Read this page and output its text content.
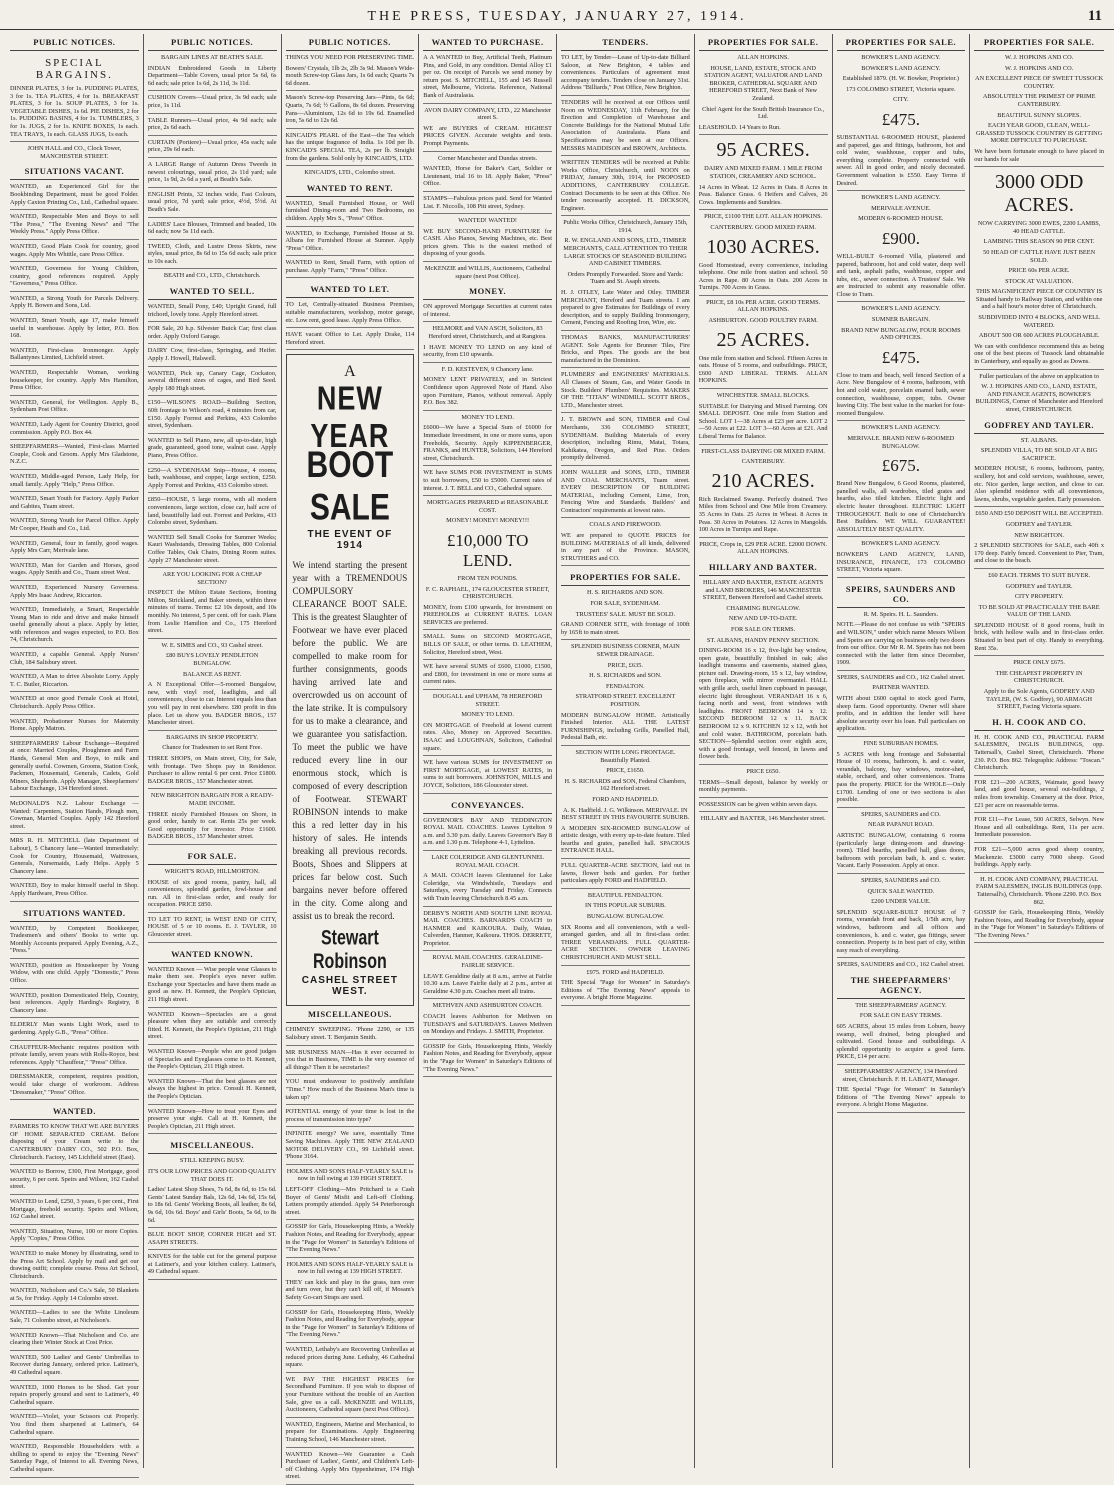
THE PRESS, TUESDAY, JANUARY 27, 1914.	11
PUBLIC NOTICES.
SPECIAL BARGAINS.
DINNER PLATES, 3 for 1s. PUDDING PLATES, 3 for 1s. TEA PLATES, 4 for 1s. BREAKFAST PLATES, 3 for 1s. SOUP PLATES, 3 for 1s. VEGETABLE DISHES, 1s 6d. PIE DISHES, 2 for 1s. PUDDING BASINS, 4 for 1s. TUMBLERS, 3 for 1s. JUGS, 2 for 1s. KNIFE BOXES, 1s each. TEA TRAYS, 1s each. GLASS JUGS, 1s each.
JOHN HALL and CO., Clock Tower, MANCHESTER STREET.
SITUATIONS VACANT.
WANTED, an Experienced Girl for the Bookbinding Department, must be good Folder. Apply Caxton Printing Co., Ltd., Cathedral square.
WANTED, Respectable Men and Boys to sell "The Press," "The Evening News" and "The Weekly Press." Apply Press Office.
WANTED, Good Plain Cook for country, good wages. Apply Mrs Whittle, care Press Office.
WANTED, Governess for Young Children, country, good references required. Apply "Governess," Press Office.
WANTED, a Strong Youth for Parcels Delivery. Apply H. Bowen and Sons, Ltd.
WANTED, Smart Youth, age 17, make himself useful in warehouse. Apply by letter, P.O. Box 168.
WANTED, First-class Ironmonger. Apply Ballantynes Limited, Lichfield street.
WANTED, Respectable Woman, working housekeeper, for country. Apply Mrs Hamilton, Press Office.
WANTED, General, for Wellington. Apply B., Sydenham Post Office.
WANTED, Lady Agent for Country District, good commission. Apply P.O. Box 44.
SHEEPFARMERS—Wanted, First-class Married Couple, Cook and Groom. Apply Mrs Gladstone, N.Z.C.
WANTED, Middle-aged Person, Lady Help, for small family. Apply "Help," Press Office.
WANTED, Smart Youth for Factory. Apply Parker and Gabites, Tuam street.
WANTED, Strong Youth for Parcel Office. Apply Mr Cooper, Heath and Co., Ltd.
WANTED, General, four in family, good wages. Apply Mrs Carr, Merivale lane.
WANTED, Man for Garden and Horses, good wages. Apply Smith and Co., Tuam street West.
WANTED, Experienced Nursery Governess. Apply Mrs Isaac Andrew, Riccarton.
WANTED, Immediately, a Smart, Respectable Young Man to ride and drive and make himself useful generally about a place. Apply by letter, with references and wages expected, to P.O. Box 74, Christchurch.
WANTED, a capable General. Apply Nurses' Club, 184 Salisbury street.
WANTED, A Man to drive Absolute Lorry. Apply T. C. Butler, Riccarton.
WANTED at once good Female Cook at Hotel, Christchurch. Apply Press Office.
WANTED, Probationer Nurses for Maternity Home. Apply Matron.
SHEEPFARMERS' Labour Exchange—Required at once: Married Couples, Ploughmen and Farm Hands, General Men and Boys, to milk and generally useful. Cowmen, Grooms, Station Cook, Packmen, Housemaid, Generals, Cadets, Gold Miners, Shepherds. Apply Manager, Sheepfarmers' Labour Exchange, 134 Hereford street.
McDONALD'S N.Z. Labour Exchange — Wanted: Carpenters, Station Hands, Plough men, Cowman, Married Couples. Apply 142 Hereford street.
MRS R. H. MITCHELL (late Department of Labour), 5 Chancery lane—Wanted immediately: Cook for Country, Housemaid, Waitresses, Generals, Nursemaids, Lady Helps. Apply 5 Chancery lane.
WANTED, Boy to make himself useful in Shop. Apply Hardware, Press Office.
SITUATIONS WANTED.
WANTED, by Competent Bookkeeper, Tradesmen's and others' Books to write up. Monthly Accounts prepared. Apply Evening, A.Z., "Press."
WANTED, position as Housekeeper by Young Widow, with one child. Apply "Domestic," Press Office.
WANTED, position Domesticated Help, Country, best references. Apply Harding's Registry, 8 Chancery lane.
ELDERLY Man wants Light Work, used to gardening. Apply G.B., "Press" Office.
CHAUFFEUR-Mechanic requires position with private family, seven years with Rolls-Royce, best references. Apply "Chauffeur," "Press" Office.
DRESSMAKER, competent, requires position, would take charge of workroom. Address "Dressmaker," "Press" Office.
WANTED.
FARMERS TO KNOW THAT WE ARE BUYERS OF HOME SEPARATED CREAM. Before disposing of your Cream write to the CANTERBURY DAIRY CO., 502 P.O. Box, Christchurch. Factory, 145 Lichfield street (East).
WANTED to Borrow, £300, First Mortgage, good security, 6 per cent. Speirs and Wilson, 162 Cashel street.
WANTED to Lend, £250, 3 years, 6 per cent., First Mortgage, freehold security. Speirs and Wilson, 162 Cashel street.
WANTED, Situation, Nurse, 100 or more Copies. Apply "Copies," Press Office.
WANTED to make Money by illustrating, send to the Press Art School. Apply by mail and get our drawing outfit; complete course. Press Art School, Christchurch.
WANTED, Nicholson and Co.'s Sale, 50 Blankets at 5s, for Friday. Apply 14 Colombo street.
WANTED—Ladies to see the White Linoleum Sale, 71 Colombo street, at Nicholson's.
WANTED Known—That Nicholson and Co. are clearing their Winter Stock at Cost Price.
WANTED, 500 Ladies' and Gents' Umbrellas to Recover during January, ordered price. Latimer's, 49 Cathedral square.
WANTED, 1000 Horses to be Shod. Get your repairs properly ground and sent to Latimer's, 49 Cathedral square.
WANTED—Violet, your Scissors cut Properly. You find them sharpened at Latimer's, 64 Cathedral square.
WANTED, Responsible Householders with a shilling to spend to enjoy the "Evening News" Saturday Page, of Interest to all. Evening News, Cathedral square.
PUBLIC NOTICES.
BARGAIN LINES AT BEATH'S SALE.
INDIAN Embroidered Goods in Liberty Department—Table Covers, usual price 5s 6d, 6s 6d each; sale price 1s 6d, 2s 11d, 3s 11d.
CUSHION Covers—Usual price, 3s 9d each; sale price, 1s 11d.
TABLE Runners—Usual price, 4s 9d each; sale price, 2s 6d each.
CURTAIN (Portiere)—Usual price, 45s each; sale price, 29s 6d each.
A LARGE Range of Autumn Dress Tweeds in newest colourings, usual price, 2s 11d yard; sale price, 1s 9d, 2s 6d a yard, at Beath's Sale.
ENGLISH Prints, 32 inches wide, Fast Colours, usual price, 7d yard; sale price, 4½d, 5½d. At Beath's Sale.
LADIES' Lace Blouses, Trimmed and beaded, 10s 6d each; now 5s 11d each.
TWEED, Cloth, and Lustre Dress Skirts, new styles, usual price, 8s 6d to 15s 6d each; sale price to 10s each.
BEATH and CO., LTD., Christchurch.
WANTED TO SELL.
WANTED, Small Pony, £40; Upright Grand, full trichord, lovely tone. Apply Hereford street.
FOR Sale, 20 h.p. Silvester Buick Car; first class order. Apply Oxford Garage.
DAIRY Cow, first-class, Springing, and Heifer. Apply J. Howell, Halswell.
WANTED, Pick up, Canary Cage, Cockatoo, several different sizes of cages, and Bird Seed. Apply 180 High street.
£150—WILSON'S ROAD—Building Section, 60ft frontage to Wilson's road, 4 minutes from car, £150. Apply Forrest and Perkins, 433 Colombo street, Sydenham.
WANTED to Sell Piano, new, all up-to-date, high grade, guaranteed, good tone, walnut case. Apply Piano, Press Office.
£250—A SYDENHAM Snip—House, 4 rooms, bath, washhouse, and copper, large section, £250. Apply Forrest and Perkins, 433 Colombo street.
£850—HOUSE, 5 large rooms, with all modern conveniences, large section, close car, half acre of land, beautifully laid out. Forrest and Perkins, 433 Colombo street, Sydenham.
WANTED Sell Small Cooks for Summer Weeks; Kauri Washstands, Dressing Tables, 800 Colonial Coffee Tables, Oak Chairs, Dining Room suites. Apply 27 Manchester street.
ARE YOU LOOKING FOR A CHEAP SECTION?
INSPECT the Milton Estate Sections, fronting Milton, Strickland, and Baker streets, within three minutes of trams. Terms: £2 10s deposit, and 10s monthly. No interest, 5 per cent. off for cash. Plans from Leslie Hamilton and Co., 175 Hereford street.
W. E. SIMES and CO., 93 Cashel street.
£80 BUYS LOVELY PENDLETON BUNGALOW.
BALANCE AS RENT.
A N Exceptional Offer—5-roomed Bungalow, new, with vinyl roof, leadlights, and all conveniences, close to car. Interest equals less than you will pay in rent elsewhere. £80 profit in this place. Let us show you. BADGER BROS., 157 Manchester street.
BARGAINS IN SHOP PROPERTY.
Chance for Tradesmen to set Rent Free.
THREE SHOPS, on Main street, City, for Sale, with frontage. Two Shops pay in Residence. Purchaser to allow rental 6 per cent. Price £1800. BADGER BROS., 157 Manchester street.
NEW BRIGHTON BARGAIN FOR A READY-MADE INCOME.
THREE nicely Furnished Houses on Shore, in good order, handy to car. Rents 25s per week. Good opportunity for investor. Price £1600. BADGER BROS., 157 Manchester street.
FOR SALE.
WRIGHT'S ROAD, HILLMORTON.
HOUSE of six good rooms, pantry, hall, all conveniences, splendid garden, fowl-house and run. All in first-class order, and ready for occupation. PRICE £850.
TO LET TO RENT, in WEST END OF CITY, HOUSE of 5 or 10 rooms. E. J. TAYLER, 10 Gloucester street.
WANTED KNOWN.
WANTED Known — Wise people wear Glasses to make them see. People's eyes never suffer. Exchange your Spectacles and have them made as good as new. H. Kennett, the People's Optician, 211 High street.
WANTED Known—Spectacles are a great pleasure when they are suitable and correctly fitted. H. Kennett, the People's Optician, 211 High street.
WANTED Known—People who are good judges of Spectacles and Eyeglasses come to H. Kennett, the People's Optician, 211 High street.
WANTED Known—That the best glasses are not always the highest in price. Consult H. Kennett, the People's Optician.
WANTED Known—How to treat your Eyes and preserve your sight. Call at H. Kennett, the People's Optician, 211 High street.
MISCELLANEOUS.
STILL KEEPING BUSY.
IT'S OUR LOW PRICES AND GOOD QUALITY THAT DOES IT.
Ladies' Latest Shop Shoes, 7s 6d, 8s 6d, to 15s 6d. Gents' Latest Sunday Bals, 12s 6d, 14s 6d, 15s 6d, to 18s 6d. Gents' Working Boots, all leather, 8s 6d, 9s 6d, 10s 6d. Boys' and Girls' Boots, 5s 6d, to 8s 6d.
BLUE BOOT SHOP, CORNER HIGH and ST. ASAPH STREETS.
KNIVES for the table cut for the general purpose at Latimer's, and your kitchen cutlery. Latimer's, 49 Cathedral square.
PUBLIC NOTICES.
THINGS YOU NEED FOR PRESERVING TIME.
Bowers' Crystals, 1lb 2s, 2lb 3s 9d. Mason's Wide-mouth Screw-top Glass Jars, 1s 6d each; Quarts 7s 6d dozen.
Mason's Screw-top Preserving Jars—Pints, 6s 6d; Quarts, 7s 6d; ½ Gallons, 8s 6d dozen. Preserving Pans—Aluminium, 12s 6d to 19s 6d. Enamelled iron, 5s 6d to 12s 6d.
KINCAID'S PEARL of the East—the Tea which has the unique fragrance of India. 1s 10d per lb. KINCAID'S SPECIAL TEA, 2s per lb. Straight from the gardens. Sold only by KINCAID'S, LTD.
KINCAID'S, LTD., Colombo street.
WANTED TO RENT.
WANTED, Small Furnished House, or Well furnished Dining-room and Two Bedrooms, no children. Apply Mrs S., "Press" Office.
WANTED, to Exchange, Furnished House at St. Albans for Furnished House at Sumner. Apply "Press" Office.
WANTED to Rent, Small Farm, with option of purchase. Apply "Farm," "Press" Office.
WANTED TO LET.
TO Let, Centrally-situated Business Premises, suitable manufacturers, workshop, motor garage, etc. Low rent, good lease. Apply Press Office.
HAVE vacant Office to Let. Apply Drake, 114 Hereford street.
A
NEW YEAR
BOOT SALE
THE EVENT OF 1914
We intend starting the present year with a TREMENDOUS COMPULSORY CLEARANCE BOOT SALE. This is the greatest Slaughter of Footwear we have ever placed before the public. We are compelled to make room for further consignments, goods having arrived late and overcrowded us on account of the late strike. It is compulsory for us to make a clearance, and we guarantee you satisfaction. To meet the public we have reduced every line in our enormous stock, which is composed of every description of Footwear. STEWART ROBINSON intends to make this a red letter day in his history of sales. He intends breaking all previous records. Boots, Shoes and Slippers at prices far below cost. Such bargains never before offered in the city. Come along and assist us to break the record.
Stewart Robinson
CASHEL STREET WEST.
MISCELLANEOUS.
CHIMNEY SWEEPING. 'Phone 2290, or 135 Salisbury street. T. Benjamin Smith.
MR BUSINESS MAN—Has it ever occurred to you that in Business, TIME is the very essence of all things? Then it be secretaries?
YOU must endeavour to positively annihilate "Time." How much of the Business Man's time is taken up?
POTENTIAL energy of your time is lost in the process of transmission into type?
INFINITE energy? We save, essentially Time Saving Machines. Apply THE NEW ZEALAND MOTOR DELIVERY CO., 99 Lichfield street. 'Phone 3164.
HOLMES AND SONS HALF-YEARLY SALE is now in full swing at 139 HIGH STREET.
LEFT-OFF Clothing—Mrs Pritchard is a Cash Buyer of Gents' Misfit and Left-off Clothing. Letters promptly attended. Apply 54 Peterborough street.
GOSSIP for Girls, Housekeeping Hints, a Weekly Fashion Notes, and Reading for Everybody, appear in the "Page for Women" in Saturday's Editions of "The Evening News."
HOLMES AND SONS HALF-YEARLY SALE is now in full swing at 139 HIGH STREET.
THEY can kick and play in the grass, turn over and turn over, but they can't kill off, if Mosam's Safety Go-cart Straps are used.
GOSSIP for Girls, Housekeeping Hints, Weekly Fashion Notes, and Reading for Everybody, appear in the "Page for Women" in Saturday's Editions of "The Evening News."
WANTED, Lethaby's are Recovering Umbrellas at reduced prices during June. Lethaby, 46 Cathedral square.
WE PAY THE HIGHEST PRICES for Secondhand Furniture. If you wish to dispose of your Furniture without the trouble of an Auction Sale, give us a call. McKENZIE and WILLIS, Auctioneers, Cathedral square (next Post Office).
WANTED, Engineers, Marine and Mechanical, to prepare for Examinations. Apply Engineering Training School, 146 Manchester street.
WANTED Known—We Guarantee a Cash Purchaser of Ladies', Gents', and Children's Left-off Clothing. Apply Mrs Oppenheimer, 174 High street.
WANTED TO PURCHASE.
A A WANTED to Buy, Artificial Teeth, Platinum Pins, and Gold, in any condition. Dental Alloy £1 per oz. On receipt of Parcels we send money by return post. S. MITCHELL, 155 and 145 Russell street, Melbourne, Victoria. Reference, National Bank of Australasia.
AVON DAIRY COMPANY, LTD., 22 Manchester street S.
WE are BUYERS of CREAM. HIGHEST PRICES GIVEN. Accurate weights and tests. Prompt Payments.
Corner Manchester and Dundas streets.
WANTED, Horse for Baker's Cart, Soldier or Lieutenant, trial 16 to 18. Apply Baker, "Press" Office.
STAMPS—Fabulous prices paid. Send for Wanted List. F. Niccolls, 108 Pitt street, Sydney.
WANTED! WANTED!
WE BUY SECOND-HAND FURNITURE for CASH. Also Pianos, Sewing Machines, etc. Best prices given. This is the easiest method of disposing of your goods.
McKENZIE and WILLIS, Auctioneers, Cathedral square (next Post Office).
MONEY.
ON approved Mortgage Securities at current rates of interest.
HELMORE and VAN ASCH, Solicitors, 83 Hereford street, Christchurch, and at Rangiora.
I HAVE MONEY TO LEND on any kind of security, from £10 upwards.
F. D. KESTEVEN, 9 Chancery lane.
MONEY LENT PRIVATELY, and in Strictest Confidence upon Approved Note of Hand. Also upon Furniture, Pianos, without removal. Apply P.O. Box 382.
MONEY TO LEND.
£6000—We have a Special Sum of £6000 for Immediate Investment, in one or more sums, upon Freeholds, Security. Apply KIPPENBERGER, FRANKS, and HUNTER, Solicitors, 144 Hereford street, Christchurch.
WE have SUMS FOR INVESTMENT in SUMS to suit borrowers, £50 to £5000. Current rates of interest. J. T. BELL and CO., Cathedral square.
MORTGAGES PREPARED at REASONABLE COST.
MONEY! MONEY! MONEY!!!
£10,000 TO LEND.
FROM TEN POUNDS.
F. C. RAPHAEL, 174 GLOUCESTER STREET, CHRISTCHURCH.
MONEY, from £100 upwards, for investment on FREEHOLDS at CURRENT RATES. LOAN SERVICES are preferred.
SMALL Sums on SECOND MORTGAGE, BILLS OF SALE, or other terms. D. LEATHEM, Solicitor, Hereford street, West.
WE have several SUMS of £600, £1000, £1500, and £800, for investment in one or more sums at current rates.
DOUGALL and UPHAM, 78 HEREFORD STREET.
MONEY TO LEND.
ON MORTGAGE of Freehold at lowest current rates. Also, Money on Approved Securities. ISAAC and LOUGHNAN, Solicitors, Cathedral square.
WE have various SUMS for INVESTMENT on FIRST MORTGAGE, at LOWEST RATES, in sums to suit borrowers. JOHNSTON, MILLS and JOYCE, Solicitors, 186 Gloucester street.
CONVEYANCES.
GOVERNOR'S BAY AND TEDDINGTON ROYAL MAIL COACHES. Leaves Lyttelton 9 a.m. and 3.30 p.m. daily. Leaves Governor's Bay 8 a.m. and 1.30 p.m. Telephone 4-1, Lyttelton.
LAKE COLERIDGE AND GLENTUNNEL ROYAL MAIL COACH.
A MAIL COACH leaves Glentunnel for Lake Coleridge, via Windwhistle, Tuesdays and Saturdays, every Tuesday and Friday. Connects with Train leaving Christchurch 8.45 a.m.
DERBY'S NORTH AND SOUTH LINE ROYAL MAIL COACHES. BARNARD'S COACH to HANMER and KAIKOURA. Daily, Waiau, Culverden, Hanmer, Kaikoura. THOS. DERRETT, Proprietor.
ROYAL MAIL COACHES. GERALDINE-FAIRLIE SERVICE.
LEAVE Geraldine daily at 8 a.m., arrive at Fairlie 10.30 a.m. Leave Fairlie daily at 2 p.m., arrive at Geraldine 4.30 p.m. Coaches meet all trains.
METHVEN AND ASHBURTON COACH.
COACH leaves Ashburton for Methven on TUESDAYS and SATURDAYS. Leaves Methven on Mondays and Fridays. J. SMITH, Proprietor.
GOSSIP for Girls, Housekeeping Hints, Weekly Fashion Notes, and Reading for Everybody, appear in the "Page for Women" in Saturday's Editions of "The Evening News."
TENDERS.
TO LET, by Tender—Lease of Up-to-date Billiard Saloon, at New Brighton, 4 tables and conveniences. Particulars of agreement must accompany tenders. Tenders close on January 31st. Address "Billiards," Post Office, New Brighton.
TENDERS will be received at our Offices until Noon on WEDNESDAY, 11th February, for the Erection and Completion of Warehouse and Concrete Buildings for the National Mutual Life Association of Australasia. Plans and Specifications may be seen at our Offices. MESSRS MADDISON and BROWN, Architects.
WRITTEN TENDERS will be received at Public Works Office, Christchurch, until NOON on FRIDAY, January 30th, 1914, for PROPOSED ADDITIONS, CANTERBURY COLLEGE. Contract Documents to be seen at this Office. No tender necessarily accepted. H. DICKSON, Engineer.
Public Works Office, Christchurch, January 15th, 1914.
R. W. ENGLAND AND SONS, LTD., TIMBER MERCHANTS, CALL ATTENTION TO THEIR LARGE STOCKS OF SEASONED BUILDING AND CABINET TIMBERS.
Orders Promptly Forwarded. Store and Yards: Tuam and St. Asaph streets.
H. J. OTLEY, Late Water and Otley. TIMBER MERCHANT, Hereford and Tuam streets. I am prepared to give Estimates for Buildings of every description, and to supply Building Ironmongery, Cement, Fencing and Roofing Iron, Wire, etc.
THOMAS BANKS, MANUFACTURERS' AGENT. Sole Agents for Brunner Tiles, Fire Bricks, and Pipes. The goods are the best manufactured in the Dominion.
PLUMBERS' and ENGINEERS' MATERIALS. All Classes of Steam, Gas, and Water Goods in Stock. Builders' Plumbers' Requisites. MAKERS OF THE "TITAN" WINDMILL. SCOTT BROS., LTD., Manchester street.
J. T. BROWN and SON, TIMBER and Coal Merchants, 336 COLOMBO STREET, SYDENHAM. Building Materials of every description, including Rimu, Matai, Totara, Kahikatea, Oregon, and Red Pine. Orders promptly delivered.
JOHN WALLER and SONS, LTD., TIMBER AND COAL MERCHANTS, Tuam street. EVERY DESCRIPTION OF BUILDING MATERIAL, including Cement, Lime, Iron, Fencing Wire and Standards. Builders' and Contractors' requirements at lowest rates.
COALS AND FIREWOOD.
WE are prepared to QUOTE PRICES for BUILDING MATERIALS of all kinds, delivered in any part of the Province. MASON, STRUTHERS and CO.
PROPERTIES FOR SALE.
H. S. RICHARDS AND SON.
FOR SALE, SYDENHAM.
TRUSTEES' SALE. MUST BE SOLD.
GRAND CORNER SITE, with frontage of 100ft by 165ft to main street.
SPLENDID BUSINESS CORNER, MAIN SEWER DRAINAGE.
PRICE, £635.
H. S. RICHARDS and SON.
FENDALTON.
STRATFORD STREET. EXCELLENT POSITION.
MODERN BUNGALOW HOME. Artistically Finished Interior. ALL THE LATEST FURNISHINGS, including Grills, Panelled Hall, Pedestal Bath, etc.
SECTION WITH LONG FRONTAGE. Beautifully Planted.
PRICE, £1650.
H. S. RICHARDS and SON, Federal Chambers, 162 Hereford street.
FORD AND HADFIELD.
A. K. Hadfield. J. G. Wilkinson. MERIVALE. IN BEST STREET IN THIS FAVOURITE SUBURB.
A MODERN SIX-ROOMED BUNGALOW of artistic design, with every up-to-date feature. Tiled hearths and grates, panelled hall. SPACIOUS ENTRANCE HALL.
FULL QUARTER-ACRE SECTION, laid out in lawns, flower beds and garden. For further particulars apply FORD and HADFIELD.
BEAUTIFUL FENDALTON.
IN THIS POPULAR SUBURB.
BUNGALOW. BUNGALOW.
SIX Rooms and all conveniences, with a well-arranged garden, and all in first-class order. THREE VERANDAHS. FULL QUARTER-ACRE SECTION. OWNER LEAVING CHRISTCHURCH AND MUST SELL.
£975. FORD and HADFIELD.
THE Special "Page for Women" in Saturday's Editions of "The Evening News" appeals to everyone. A bright Home Magazine.
PROPERTIES FOR SALE.
ALLAN HOPKINS.
HOUSE, LAND, ESTATE, STOCK AND STATION AGENT, VALUATOR AND LAND BROKER, CATHEDRAL SQUARE AND HEREFORD STREET, Next Bank of New Zealand.
Chief Agent for the South British Insurance Co., Ltd.
LEASEHOLD. 14 Years to Run.
95 ACRES.
DAIRY AND MIXED FARM. 1 MILE FROM STATION, CREAMERY AND SCHOOL.
14 Acres in Wheat. 12 Acres in Oats. 8 Acres in Peas. Balance Grass. 6 Heifers and Calves, 26 Cows. Implements and Sundries.
PRICE, £1100 THE LOT. ALLAN HOPKINS.
CANTERBURY. GOOD MIXED FARM.
1030 ACRES.
Good Homestead, every convenience, including telephone. One mile from station and school. 50 Acres in Rape. 80 Acres in Oats. 200 Acres in Turnips. 700 Acres in Grass.
PRICE, £8 10s PER ACRE. GOOD TERMS. ALLAN HOPKINS.
ASHBURTON. GOOD POULTRY FARM.
25 ACRES.
One mile from station and School. Fifteen Acres in oats. House of 5 rooms, and outbuildings. PRICE, £600 AND LIBERAL TERMS. ALLAN HOPKINS.
WINCHESTER. SMALL BLOCKS.
SUITABLE for Dairying and Mixed Farming. ON SMALL DEPOSIT. One mile from Station and School. LOT 1—38 Acres at £23 per acre. LOT 2—50 Acres at £22. LOT 3—60 Acres at £21. And Liberal Terms for Balance.
FIRST-CLASS DAIRYING OR MIXED FARM.
CANTERBURY.
210 ACRES.
Rich Reclaimed Swamp. Perfectly drained. Two Miles from School and One Mile from Creamery. 35 Acres in Oats. 25 Acres in Wheat. 8 Acres in Peas. 30 Acres in Potatoes. 12 Acres in Mangolds. 100 Acres in Turnips and Rape.
PRICE, Crops in, £29 PER ACRE. £2000 DOWN. ALLAN HOPKINS.
HILLARY AND BAXTER.
HILLARY AND BAXTER, ESTATE AGENTS and LAND BROKERS, 146 MANCHESTER STREET, Between Hereford and Cashel streets.
CHARMING BUNGALOW.
NEW AND UP-TO-DATE.
FOR SALE ON TERMS.
ST. ALBANS, HANDY PENNY SECTION.
DINING-ROOM 16 x 12, five-light bay window, open grate, beautifully finished in oak; also leadlight transoms and casements, stained glass, picture rail. Drawing-room, 15 x 12, bay window, open fireplace, with mirror overmantel. HALL with grille arch, useful linen cupboard in passage, electric light throughout. VERANDAH 16 x 6, facing north and west, front windows with leadlights. FRONT BEDROOM 14 x 12. SECOND BEDROOM 12 x 11. BACK BEDROOM 12 x 9. KITCHEN 12 x 12, with hot and cold water. BATHROOM, porcelain bath. SECTION—Splendid section over eighth acre, with a good frontage, well fenced, in lawns and flower beds.
PRICE £650.
TERMS—Small deposit, balance by weekly or monthly payments.
POSSESSION can be given within seven days.
HILLARY and BAXTER, 146 Manchester street.
PROPERTIES FOR SALE.
BOWKER'S LAND AGENCY.
BOWKER'S LAND AGENCY.
Established 1879. (H. W. Bowker, Proprietor.)
173 COLOMBO STREET, Victoria square.
CITY.
£475.
SUBSTANTIAL 6-ROOMED HOUSE, plastered and papered, gas and fittings, bathroom, hot and cold water, washhouse, copper and tubs, everything complete. Property connected with sewer. All in good order, and nicely decorated. Government valuation is £550. Easy Terms if Desired.
BOWKER'S LAND AGENCY.
MERIVALE AVENUE.
MODERN 6-ROOMED HOUSE.
£900.
WELL-BUILT 6-roomed Villa, plastered and papered, bathroom, hot and cold water, deep well and tank, asphalt paths, washhouse, copper and tubs, etc., sewer connection. A Trustees' Sale. We are instructed to submit any reasonable offer. Close to Tram.
BOWKER'S LAND AGENCY.
SUMNER BARGAIN.
BRAND NEW BUNGALOW, FOUR ROOMS AND OFFICES.
£475.
Close to tram and beach, well fenced Section of a Acre. New Bungalow of 4 rooms, bathroom, with hot and cold water, porcelain enamel bath, sewer connection, washhouse, copper, tubs. Owner leaving City. The best value in the market for four-roomed Bungalow.
BOWKER'S LAND AGENCY.
MERIVALE. BRAND NEW 6-ROOMED BUNGALOW.
£675.
Brand New Bungalow, 6 Good Rooms, plastered, panelled walls, all wardrobes, tiled grates and hearths, also tiled kitchen. Electric light and electric heater throughout. ELECTRIC LIGHT THROUGHOUT. Built to one of Christchurch's Best Builders. WE WILL GUARANTEE! ABSOLUTELY BEST QUALITY.
BOWKER'S LAND AGENCY.
BOWKER'S LAND AGENCY, LAND, INSURANCE, FINANCE, 173 COLOMBO STREET, Victoria square.
SPEIRS, SAUNDERS AND CO.
R. M. Speirs. H. L. Saunders.
NOTE.—Please do not confuse us with "SPEIRS and WILSON," under which name Messrs Wilson and Speirs are carrying on business only two doors from our office. Our Mr R. M. Speirs has not been connected with the latter firm since December, 1909.
SPEIRS, SAUNDERS and CO., 162 Cashel street.
PARTNER WANTED.
WITH about £600 capital to stock good Farm, sheep farm. Good opportunity. Owner will share profits, and in addition the lender will have absolute security over his loan. Full particulars on application.
FINE SUBURBAN HOMES.
5 ACRES with long frontage and Substantial House of 10 rooms, bathroom, h. and c. water, verandah, balcony, bay windows, motor-shed, stable, orchard, and other conveniences. Trams pass the property. PRICE for the WHOLE—Only £1700. Lending of one or two sections is also possible.
SPEIRS, SAUNDERS and CO.
NEAR PAPANUI ROAD.
ARTISTIC BUNGALOW, containing 6 rooms (particularly large dining-room and drawing-room). Tiled hearths, panelled hall, glass doors, bathroom with porcelain bath, h. and c. water. Vacant. Early Possession. Apply at once.
SPEIRS, SAUNDERS and CO.
QUICK SALE WANTED.
£200 UNDER VALUE.
SPLENDID SQUARE-BUILT HOUSE of 7 rooms, verandah front and back, 1/5th acre, bay windows, bathroom and all offices and conveniences, h. and c. water, gas fittings, sewer connection. Property is in best part of city, within easy reach of everything.
SPEIRS, SAUNDERS and CO., 162 Cashel street.
THE SHEEPFARMERS' AGENCY.
THE SHEEPFARMERS' AGENCY.
FOR SALE ON EASY TERMS.
605 ACRES, about 15 miles from Loburn, heavy swamp, well drained, being ploughed and cultivated. Good house and outbuildings. A splendid opportunity to acquire a good farm. PRICE, £14 per acre.
SHEEPFARMERS' AGENCY, 134 Hereford street, Christchurch. F. H. LABATT, Manager.
THE Special "Page for Women" in Saturday's Editions of "The Evening News" appeals to everyone. A bright Home Magazine.
PROPERTIES FOR SALE.
W. J. HOPKINS AND CO.
W. J. HOPKINS AND CO.
AN EXCELLENT PIECE OF SWEET TUSSOCK COUNTRY.
ABSOLUTELY THE PRIMEST OF PRIME CANTERBURY.
BEAUTIFUL SUNNY SLOPES.
EACH YEAR GOOD, CLEAN, WELL-GRASSED TUSSOCK COUNTRY IS GETTING MORE DIFFICULT TO PURCHASE.
We have been fortunate enough to have placed in our hands for sale
3000 ODD ACRES.
NOW CARRYING 3000 EWES, 2200 LAMBS, 40 HEAD CATTLE.
LAMBING THIS SEASON 90 PER CENT.
50 HEAD OF CATTLE HAVE JUST BEEN SOLD.
PRICE 60s PER ACRE.
STOCK AT VALUATION.
THIS MAGNIFICENT PIECE OF COUNTRY IS Situated handy to Railway Station, and within one and a half hour's motor drive of Christchurch.
SUBDIVIDED INTO 4 BLOCKS, AND WELL WATERED.
ABOUT 500 OR 600 ACRES PLOUGHABLE.
We can with confidence recommend this as being one of the best pieces of Tussock land obtainable in Canterbury, and equally as good as Downs.
Fuller particulars of the above on application to
W. J. HOPKINS AND CO., LAND, ESTATE, AND FINANCE AGENTS, BOWKER'S BUILDINGS, Corner of Manchester and Hereford street, CHRISTCHURCH.
GODFREY AND TAYLER.
ST. ALBANS.
SPLENDID VILLA, TO BE SOLD AT A BIG SACRIFICE.
MODERN HOUSE, 6 rooms, bathroom, pantry, scullery, hot and cold services, washhouse, sewer, etc. Nice garden, large section, and close to car. Also splendid residence with all conveniences, lawns, shrubs, vegetable garden. Early possession.
£650 AND £50 DEPOSIT WILL BE ACCEPTED.
GODFREY and TAYLER.
NEW BRIGHTON.
2 SPLENDID SECTIONS for SALE, each 40ft x 170 deep. Fairly fenced. Convenient to Pier, Tram, and close to the beach.
£60 EACH. TERMS TO SUIT BUYER.
GODFREY and TAYLER.
CITY PROPERTY.
TO BE SOLD AT PRACTICALLY THE BARE VALUE OF THE LAND.
SPLENDID HOUSE of 8 good rooms, built in brick, with hollow walls and in first-class order. Situated in best part of city. Handy to everything. Rent 35s.
PRICE ONLY £675.
THE CHEAPEST PROPERTY IN CHRISTCHURCH.
Apply to the Sole Agents, GODFREY AND TAYLER, (W. S. Godfrey), 90 ARMAGH STREET, Facing Victoria square.
H. H. COOK AND CO.
H. H. COOK AND CO., PRACTICAL FARM SALESMEN, INGLIS BUILDINGS, opp. Tattersall's, Cashel Street, Christchurch. 'Phone 230. P.O. Box 862. Telegraphic Address: "Toscan." Christchurch.
FOR £21—200 ACRES, Waimate, good heavy land, and good house, several out-buildings, 2 miles from township. Creamery at the door. Price, £21 per acre on reasonable terms.
FOR £11—For Lease, 500 ACRES, Selwyn. New House and all outbuildings. Rent, 11s per acre. Immediate possession.
FOR £21—5,000 acres good sheep country, Mackenzie. £3000 carry 7000 sheep. Good buildings. Apply early.
H. H. COOK AND COMPANY, PRACTICAL FARM SALESMEN, INGLIS BUILDINGS (opp. Tattersall's), Christchurch. 'Phone 2290. P.O. Box 862.
GOSSIP for Girls, Housekeeping Hints, Weekly Fashion Notes, and Reading for Everybody, appear in the "Page for Women" in Saturday's Editions of "The Evening News."
